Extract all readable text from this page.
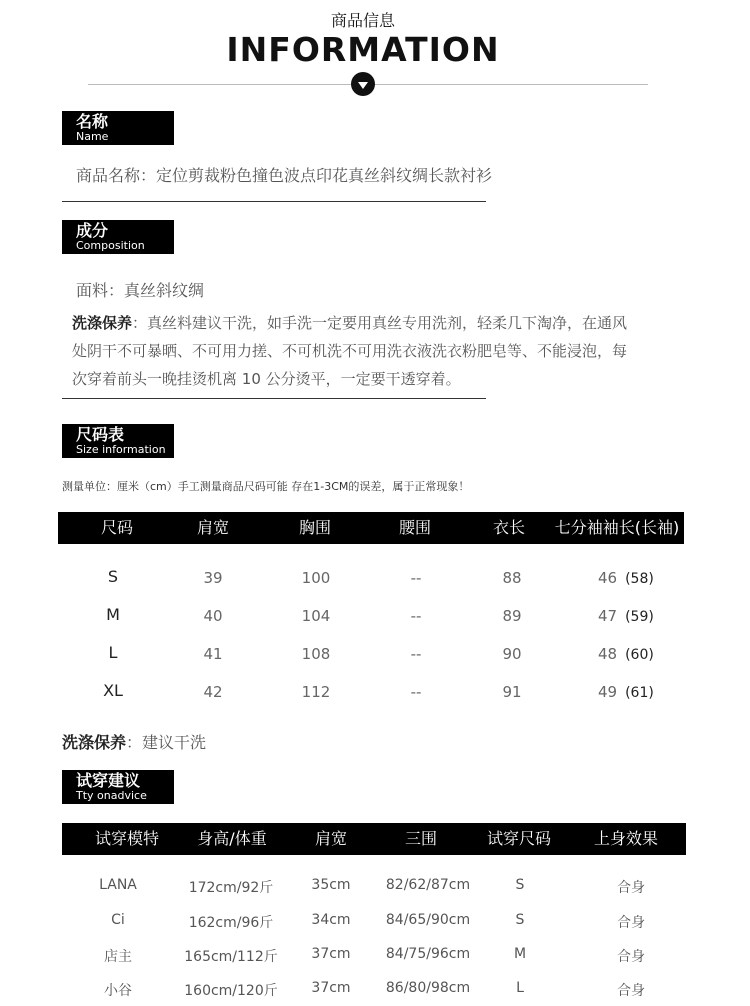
商品信息
INFORMATION
名称
Name
商品名称：定位剪裁粉色撞色波点印花真丝斜纹绸长款衬衫
成分
Composition
面料：真丝斜纹绸
洗涤保养：真丝料建议干洗，如手洗一定要用真丝专用洗剂，轻柔几下淘净，在通风
处阴干不可暴晒、不可用力搓、不可机洗不可用洗衣液洗衣粉肥皂等、不能浸泡，每
次穿着前头一晚挂烫机离 10 公分烫平，一定要干透穿着。
尺码表
Size information
测量单位：厘米（cm）手工测量商品尺码可能 存在1-3CM的误差，属于正常现象！
尺码	肩宽	胸围	腰围	衣长	七分袖袖长(长袖)
S	39	100	--	88	46 (58)
M	40	104	--	89	47 (59)
L	41	108	--	90	48 (60)
XL	42	112	--	91	49 (61)
洗涤保养：建议干洗
试穿建议
Tty onadvice
试穿模特	身高/体重	肩宽	三围	试穿尺码	上身效果
LANA	172cm/92斤	35cm	82/62/87cm	S	合身
Ci	162cm/96斤	34cm	84/65/90cm	S	合身
店主	165cm/112斤	37cm	84/75/96cm	M	合身
小谷	160cm/120斤	37cm	86/80/98cm	L	合身
